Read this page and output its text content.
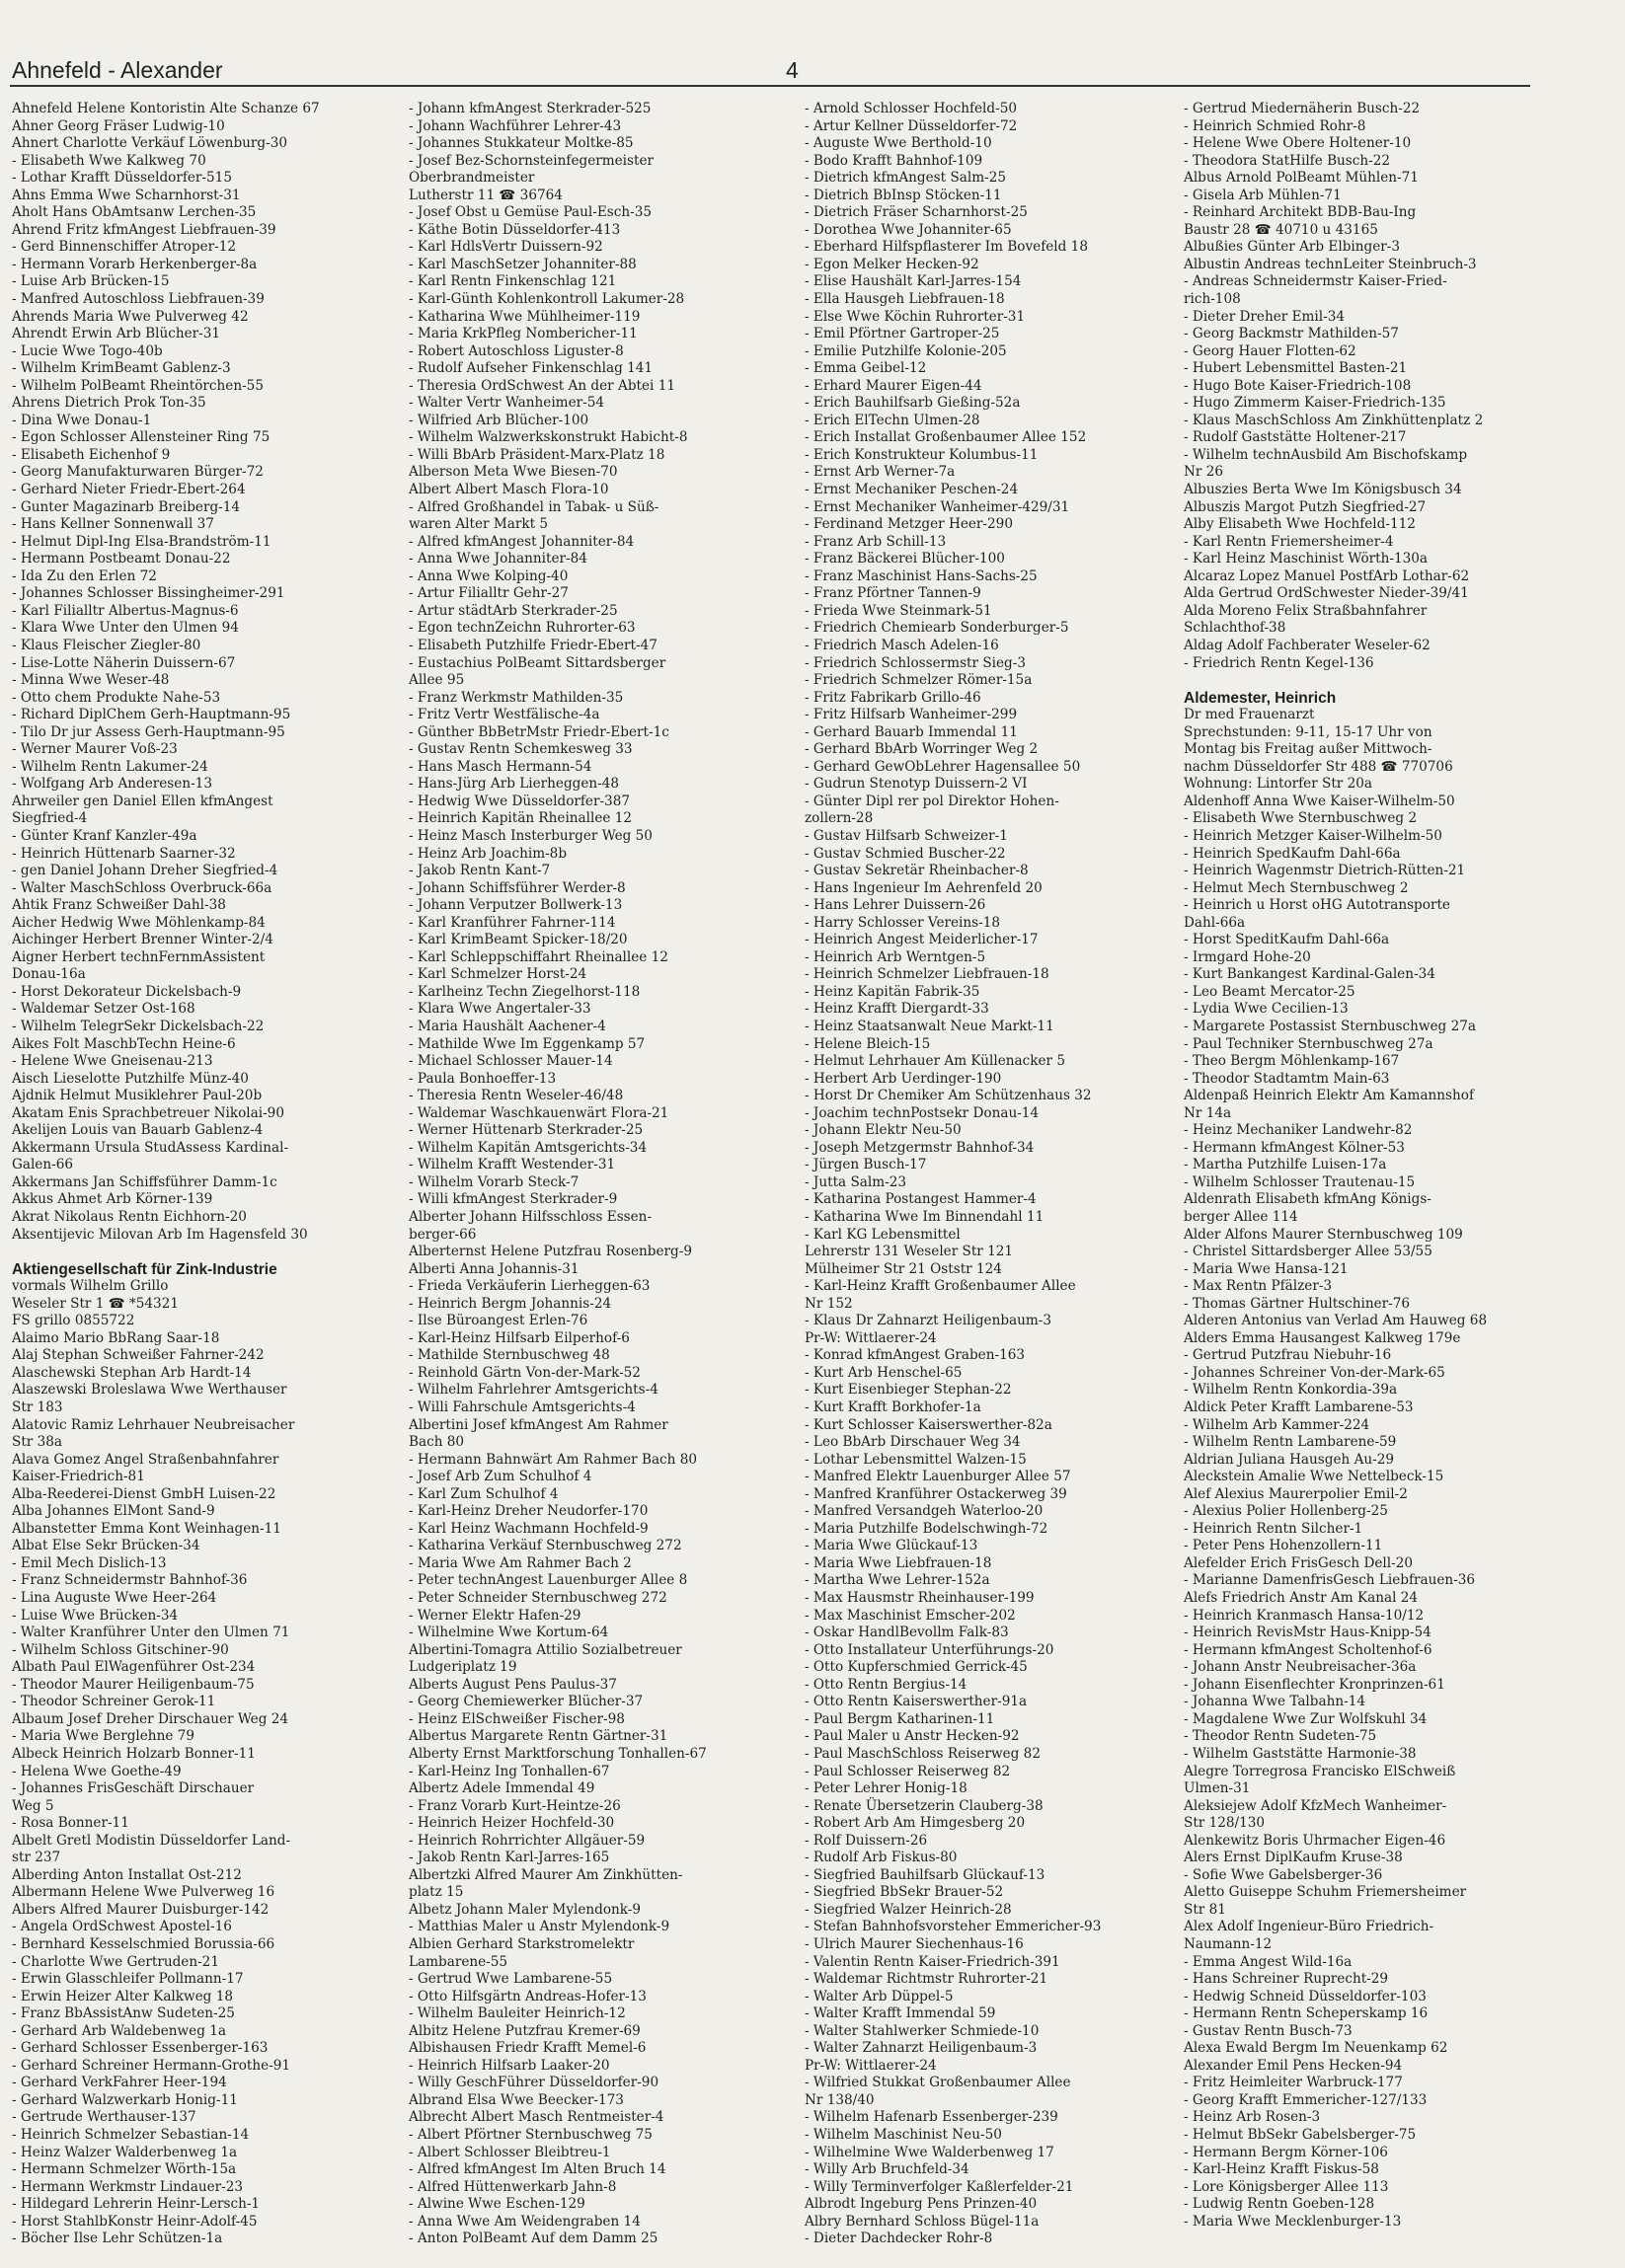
Ahnefeld - Alexander	4
Ahnefeld Helene Kontoristin Alte Schanze 67
Ahner Georg Fräser Ludwig-10
Ahnert Charlotte Verkäuf Löwenburg-30
- Elisabeth Wwe Kalkweg 70
- Lothar Krafft Düsseldorfer-515
Ahns Emma Wwe Scharnhorst-31
Aholt Hans ObAmtsanw Lerchen-35
Ahrend Fritz kfmAngest Liebfrauen-39
- Gerd Binnenschiffer Atroper-12
- Hermann Vorarb Herkenberger-8a
- Luise Arb Brücken-15
- Manfred Autoschloss Liebfrauen-39
Ahrends Maria Wwe Pulverweg 42
Ahrendt Erwin Arb Blücher-31
- Lucie Wwe Togo-40b
- Wilhelm KrimBeamt Gablenz-3
- Wilhelm PolBeamt Rheintörchen-55
Ahrens Dietrich Prok Ton-35
- Dina Wwe Donau-1
- Egon Schlosser Allensteiner Ring 75
- Elisabeth Eichenhof 9
- Georg Manufakturwaren Bürger-72
- Gerhard Nieter Friedr-Ebert-264
- Gunter Magazinarb Breiberg-14
- Hans Kellner Sonnenwall 37
- Helmut Dipl-Ing Elsa-Brandström-11
- Hermann Postbeamt Donau-22
- Ida Zu den Erlen 72
- Johannes Schlosser Bissingheimer-291
- Karl Filialltr Albertus-Magnus-6
- Klara Wwe Unter den Ulmen 94
- Klaus Fleischer Ziegler-80
- Lise-Lotte Näherin Duissern-67
- Minna Wwe Weser-48
- Otto chem Produkte Nahe-53
- Richard DiplChem Gerh-Hauptmann-95
- Tilo Dr jur Assess Gerh-Hauptmann-95
- Werner Maurer Voß-23
- Wilhelm Rentn Lakumer-24
- Wolfgang Arb Anderesen-13
Ahrweiler gen Daniel Ellen kfmAngest
Siegfried-4
- Günter Kranf Kanzler-49a
- Heinrich Hüttenarb Saarner-32
- gen Daniel Johann Dreher Siegfried-4
- Walter MaschSchloss Overbruck-66a
Ahtik Franz Schweißer Dahl-38
Aicher Hedwig Wwe Möhlenkamp-84
Aichinger Herbert Brenner Winter-2/4
Aigner Herbert technFernmAssistent
Donau-16a
- Horst Dekorateur Dickelsbach-9
- Waldemar Setzer Ost-168
- Wilhelm TelegrSekr Dickelsbach-22
Aikes Folt MaschbTechn Heine-6
- Helene Wwe Gneisenau-213
Aisch Lieselotte Putzhilfe Münz-40
Ajdnik Helmut Musiklehrer Paul-20b
Akatam Enis Sprachbetreuer Nikolai-90
Akelijen Louis van Bauarb Gablenz-4
Akkermann Ursula StudAssess Kardinal-
Galen-66
Akkermans Jan Schiffsführer Damm-1c
Akkus Ahmet Arb Körner-139
Akrat Nikolaus Rentn Eichhorn-20
Aksentijevic Milovan Arb Im Hagensfeld 30

Aktiengesellschaft für Zink-Industrie
vormals Wilhelm Grillo
Weseler Str 1 ☎ *54321
FS grillo 0855722
Alaimo Mario BbRang Saar-18
Alaj Stephan Schweißer Fahrner-242
Alaschewski Stephan Arb Hardt-14
Alaszewski Broleslawa Wwe Werthauser
Str 183
Alatovic Ramiz Lehrhauer Neubreisacher
Str 38a
Alava Gomez Angel Straßenbahnfahrer
Kaiser-Friedrich-81
Alba-Reederei-Dienst GmbH Luisen-22
Alba Johannes ElMont Sand-9
Albanstetter Emma Kont Weinhagen-11
Albat Else Sekr Brücken-34
- Emil Mech Dislich-13
- Franz Schneidermstr Bahnhof-36
- Lina Auguste Wwe Heer-264
- Luise Wwe Brücken-34
- Walter Kranführer Unter den Ulmen 71
- Wilhelm Schloss Gitschiner-90
Albath Paul ElWagenführer Ost-234
- Theodor Maurer Heiligenbaum-75
- Theodor Schreiner Gerok-11
Albaum Josef Dreher Dirschauer Weg 24
- Maria Wwe Berglehne 79
Albeck Heinrich Holzarb Bonner-11
- Helena Wwe Goethe-49
- Johannes FrisGeschäft Dirschauer
Weg 5
- Rosa Bonner-11
Albelt Gretl Modistin Düsseldorfer Land-
str 237
Alberding Anton Installat Ost-212
Albermann Helene Wwe Pulverweg 16
Albers Alfred Maurer Duisburger-142
- Angela OrdSchwest Apostel-16
- Bernhard Kesselschmied Borussia-66
- Charlotte Wwe Gertruden-21
- Erwin Glasschleifer Pollmann-17
- Erwin Heizer Alter Kalkweg 18
- Franz BbAssistAnw Sudeten-25
- Gerhard Arb Waldebenweg 1a
- Gerhard Schlosser Essenberger-163
- Gerhard Schreiner Hermann-Grothe-91
- Gerhard VerkFahrer Heer-194
- Gerhard Walzwerkarb Honig-11
- Gertrude Werthauser-137
- Heinrich Schmelzer Sebastian-14
- Heinz Walzer Walderbenweg 1a
- Hermann Schmelzer Wörth-15a
- Hermann Werkmstr Lindauer-23
- Hildegard Lehrerin Heinr-Lersch-1
- Horst StahlbKonstr Heinr-Adolf-45
- Böcher Ilse Lehr Schützen-1a
- Johann kfmAngest Sterkrader-525
- Johann Wachführer Lehrer-43
- Johannes Stukkateur Moltke-85
- Josef Bez-Schornsteinfegermeister
Oberbrandmeister
Lutherstr 11 ☎ 36764
- Josef Obst u Gemüse Paul-Esch-35
- Käthe Botin Düsseldorfer-413
- Karl HdlsVertr Duissern-92
- Karl MaschSetzer Johanniter-88
- Karl Rentn Finkenschlag 121
- Karl-Günth Kohlenkontroll Lakumer-28
- Katharina Wwe Mühlheimer-119
- Maria KrkPfleg Nombericher-11
- Robert Autoschloss Liguster-8
- Rudolf Aufseher Finkenschlag 141
- Theresia OrdSchwest An der Abtei 11
- Walter Vertr Wanheimer-54
- Wilfried Arb Blücher-100
- Wilhelm Walzwerkskonstrukt Habicht-8
- Willi BbArb Präsident-Marx-Platz 18
Alberson Meta Wwe Biesen-70
Albert Albert Masch Flora-10
- Alfred Großhandel in Tabak- u Süß-
waren Alter Markt 5
- Alfred kfmAngest Johanniter-84
- Anna Wwe Johanniter-84
- Anna Wwe Kolping-40
- Artur Filialltr Gehr-27
- Artur städtArb Sterkrader-25
- Egon technZeichn Ruhrorter-63
- Elisabeth Putzhilfe Friedr-Ebert-47
- Eustachius PolBeamt Sittardsberger
Allee 95
- Franz Werkmstr Mathilden-35
- Fritz Vertr Westfälische-4a
- Günther BbBetrMstr Friedr-Ebert-1c
- Gustav Rentn Schemkesweg 33
- Hans Masch Hermann-54
- Hans-Jürg Arb Lierheggen-48
- Hedwig Wwe Düsseldorfer-387
- Heinrich Kapitän Rheinallee 12
- Heinz Masch Insterburger Weg 50
- Heinz Arb Joachim-8b
- Jakob Rentn Kant-7
- Johann Schiffsführer Werder-8
- Johann Verputzer Bollwerk-13
- Karl Kranführer Fahrner-114
- Karl KrimBeamt Spicker-18/20
- Karl Schleppschiffahrt Rheinallee 12
- Karl Schmelzer Horst-24
- Karlheinz Techn Ziegelhorst-118
- Klara Wwe Angertaler-33
- Maria Haushält Aachener-4
- Mathilde Wwe Im Eggenkamp 57
- Michael Schlosser Mauer-14
- Paula Bonhoeffer-13
- Theresia Rentn Weseler-46/48
- Waldemar Waschkauenwärt Flora-21
- Werner Hüttenarb Sterkrader-25
- Wilhelm Kapitän Amtsgerichts-34
- Wilhelm Krafft Westender-31
- Wilhelm Vorarb Steck-7
- Willi kfmAngest Sterkrader-9
Alberter Johann Hilfsschloss Essen-
berger-66
Alberternst Helene Putzfrau Rosenberg-9
Alberti Anna Johannis-31
- Frieda Verkäuferin Lierheggen-63
- Heinrich Bergm Johannis-24
- Ilse Büroangest Erlen-76
- Karl-Heinz Hilfsarb Eilperhof-6
- Mathilde Sternbuschweg 48
- Reinhold Gärtn Von-der-Mark-52
- Wilhelm Fahrlehrer Amtsgerichts-4
- Willi Fahrschule Amtsgerichts-4
Albertini Josef kfmAngest Am Rahmer
Bach 80
- Hermann Bahnwärt Am Rahmer Bach 80
- Josef Arb Zum Schulhof 4
- Karl Zum Schulhof 4
- Karl-Heinz Dreher Neudorfer-170
- Karl Heinz Wachmann Hochfeld-9
- Katharina Verkäuf Sternbuschweg 272
- Maria Wwe Am Rahmer Bach 2
- Peter technAngest Lauenburger Allee 8
- Peter Schneider Sternbuschweg 272
- Werner Elektr Hafen-29
- Wilhelmine Wwe Kortum-64
Albertini-Tomagra Attilio Sozialbetreuer
Ludgeriplatz 19
Alberts August Pens Paulus-37
- Georg Chemiewerker Blücher-37
- Heinz ElSchweißer Fischer-98
Albertus Margarete Rentn Gärtner-31
Alberty Ernst Marktforschung Tonhallen-67
- Karl-Heinz Ing Tonhallen-67
Albertz Adele Immendal 49
- Franz Vorarb Kurt-Heintze-26
- Heinrich Heizer Hochfeld-30
- Heinrich Rohrrichter Allgäuer-59
- Jakob Rentn Karl-Jarres-165
Albertzki Alfred Maurer Am Zinkhütten-
platz 15
Albetz Johann Maler Mylendonk-9
- Matthias Maler u Anstr Mylendonk-9
Albien Gerhard Starkstromelektr
Lambarene-55
- Gertrud Wwe Lambarene-55
- Otto Hilfsgärtn Andreas-Hofer-13
- Wilhelm Bauleiter Heinrich-12
Albitz Helene Putzfrau Kremer-69
Albishausen Friedr Krafft Memel-6
- Heinrich Hilfsarb Laaker-20
- Willy GeschFührer Düsseldorfer-90
Albrand Elsa Wwe Beecker-173
Albrecht Albert Masch Rentmeister-4
- Albert Pförtner Sternbuschweg 75
- Albert Schlosser Bleibtreu-1
- Alfred kfmAngest Im Alten Bruch 14
- Alfred Hüttenwerkarb Jahn-8
- Alwine Wwe Eschen-129
- Anna Wwe Am Weidengraben 14
- Anton PolBeamt Auf dem Damm 25
- Arnold Schlosser Hochfeld-50
- Artur Kellner Düsseldorfer-72
- Auguste Wwe Berthold-10
- Bodo Krafft Bahnhof-109
- Dietrich kfmAngest Salm-25
- Dietrich BbInsp Stöcken-11
- Dietrich Fräser Scharnhorst-25
- Dorothea Wwe Johanniter-65
- Eberhard Hilfspflasterer Im Bovefeld 18
- Egon Melker Hecken-92
- Elise Haushält Karl-Jarres-154
- Ella Hausgeh Liebfrauen-18
- Else Wwe Köchin Ruhrorter-31
- Emil Pförtner Gartroper-25
- Emilie Putzhilfe Kolonie-205
- Emma Geibel-12
- Erhard Maurer Eigen-44
- Erich Bauhilfsarb Gießing-52a
- Erich ElTechn Ulmen-28
- Erich Installat Großenbaumer Allee 152
- Erich Konstrukteur Kolumbus-11
- Ernst Arb Werner-7a
- Ernst Mechaniker Peschen-24
- Ernst Mechaniker Wanheimer-429/31
- Ferdinand Metzger Heer-290
- Franz Arb Schill-13
- Franz Bäckerei Blücher-100
- Franz Maschinist Hans-Sachs-25
- Franz Pförtner Tannen-9
- Frieda Wwe Steinmark-51
- Friedrich Chemiearb Sonderburger-5
- Friedrich Masch Adelen-16
- Friedrich Schlossermstr Sieg-3
- Friedrich Schmelzer Römer-15a
- Fritz Fabrikarb Grillo-46
- Fritz Hilfsarb Wanheimer-299
- Gerhard Bauarb Immendal 11
- Gerhard BbArb Worringer Weg 2
- Gerhard GewObLehrer Hagensallee 50
- Gudrun Stenotyp Duissern-2 VI
- Günter Dipl rer pol Direktor Hohen-
zollern-28
- Gustav Hilfsarb Schweizer-1
- Gustav Schmied Buscher-22
- Gustav Sekretär Rheinbacher-8
- Hans Ingenieur Im Aehrenfeld 20
- Hans Lehrer Duissern-26
- Harry Schlosser Vereins-18
- Heinrich Angest Meiderlicher-17
- Heinrich Arb Werntgen-5
- Heinrich Schmelzer Liebfrauen-18
- Heinz Kapitän Fabrik-35
- Heinz Krafft Diergardt-33
- Heinz Staatsanwalt Neue Markt-11
- Helene Bleich-15
- Helmut Lehrhauer Am Küllenacker 5
- Herbert Arb Uerdinger-190
- Horst Dr Chemiker Am Schützenhaus 32
- Joachim technPostsekr Donau-14
- Johann Elektr Neu-50
- Joseph Metzgermstr Bahnhof-34
- Jürgen Busch-17
- Jutta Salm-23
- Katharina Postangest Hammer-4
- Katharina Wwe Im Binnendahl 11
- Karl KG Lebensmittel
Lehrerstr 131 Weseler Str 121
Mülheimer Str 21 Oststr 124
- Karl-Heinz Krafft Großenbaumer Allee
Nr 152
- Klaus Dr Zahnarzt Heiligenbaum-3
Pr-W: Wittlaerer-24
- Konrad kfmAngest Graben-163
- Kurt Arb Henschel-65
- Kurt Eisenbieger Stephan-22
- Kurt Krafft Borkhofer-1a
- Kurt Schlosser Kaiserswerther-82a
- Leo BbArb Dirschauer Weg 34
- Lothar Lebensmittel Walzen-15
- Manfred Elektr Lauenburger Allee 57
- Manfred Kranführer Ostackerweg 39
- Manfred Versandgeh Waterloo-20
- Maria Putzhilfe Bodelschwingh-72
- Maria Wwe Glückauf-13
- Maria Wwe Liebfrauen-18
- Martha Wwe Lehrer-152a
- Max Hausmstr Rheinhauser-199
- Max Maschinist Emscher-202
- Oskar HandlBevollm Falk-83
- Otto Installateur Unterführungs-20
- Otto Kupferschmied Gerrick-45
- Otto Rentn Bergius-14
- Otto Rentn Kaiserswerther-91a
- Paul Bergm Katharinen-11
- Paul Maler u Anstr Hecken-92
- Paul MaschSchloss Reiserweg 82
- Paul Schlosser Reiserweg 82
- Peter Lehrer Honig-18
- Renate Übersetzerin Clauberg-38
- Robert Arb Am Himgesberg 20
- Rolf Duissern-26
- Rudolf Arb Fiskus-80
- Siegfried Bauhilfsarb Glückauf-13
- Siegfried BbSekr Brauer-52
- Siegfried Walzer Heinrich-28
- Stefan Bahnhofsvorsteher Emmericher-93
- Ulrich Maurer Siechenhaus-16
- Valentin Rentn Kaiser-Friedrich-391
- Waldemar Richtmstr Ruhrorter-21
- Walter Arb Düppel-5
- Walter Krafft Immendal 59
- Walter Stahlwerker Schmiede-10
- Walter Zahnarzt Heiligenbaum-3
Pr-W: Wittlaerer-24
- Wilfried Stukkat Großenbaumer Allee
Nr 138/40
- Wilhelm Hafenarb Essenberger-239
- Wilhelm Maschinist Neu-50
- Wilhelmine Wwe Walderbenweg 17
- Willy Arb Bruchfeld-34
- Willy Terminverfolger Kaßlerfelder-21
Albrodt Ingeburg Pens Prinzen-40
Albry Bernhard Schloss Bügel-11a
- Dieter Dachdecker Rohr-8
- Gertrud Miedernäherin Busch-22
- Heinrich Schmied Rohr-8
- Helene Wwe Obere Holtener-10
- Theodora StatHilfe Busch-22
Albus Arnold PolBeamt Mühlen-71
- Gisela Arb Mühlen-71
- Reinhard Architekt BDB-Bau-Ing
Baustr 28 ☎ 40710 u 43165
Albußies Günter Arb Elbinger-3
Albustin Andreas technLeiter Steinbruch-3
- Andreas Schneidermstr Kaiser-Fried-
rich-108
- Dieter Dreher Emil-34
- Georg Backmstr Mathilden-57
- Georg Hauer Flotten-62
- Hubert Lebensmittel Basten-21
- Hugo Bote Kaiser-Friedrich-108
- Hugo Zimmerm Kaiser-Friedrich-135
- Klaus MaschSchloss Am Zinkhüttenplatz 2
- Rudolf Gaststätte Holtener-217
- Wilhelm technAusbild Am Bischofskamp
Nr 26
Albuszies Berta Wwe Im Königsbusch 34
Albuszis Margot Putzh Siegfried-27
Alby Elisabeth Wwe Hochfeld-112
- Karl Rentn Friemersheimer-4
- Karl Heinz Maschinist Wörth-130a
Alcaraz Lopez Manuel PostfArb Lothar-62
Alda Gertrud OrdSchwester Nieder-39/41
Alda Moreno Felix Straßbahnfahrer
Schlachthof-38
Aldag Adolf Fachberater Weseler-62
- Friedrich Rentn Kegel-136

Aldemester, Heinrich
Dr med Frauenarzt
Sprechstunden: 9-11, 15-17 Uhr von
Montag bis Freitag außer Mittwoch-
nachm Düsseldorfer Str 488 ☎ 770706
Wohnung: Lintorfer Str 20a
Aldenhoff Anna Wwe Kaiser-Wilhelm-50
- Elisabeth Wwe Sternbuschweg 2
- Heinrich Metzger Kaiser-Wilhelm-50
- Heinrich SpedKaufm Dahl-66a
- Heinrich Wagenmstr Dietrich-Rütten-21
- Helmut Mech Sternbuschweg 2
- Heinrich u Horst oHG Autotransporte
Dahl-66a
- Horst SpeditKaufm Dahl-66a
- Irmgard Hohe-20
- Kurt Bankangest Kardinal-Galen-34
- Leo Beamt Mercator-25
- Lydia Wwe Cecilien-13
- Margarete Postassist Sternbuschweg 27a
- Paul Techniker Sternbuschweg 27a
- Theo Bergm Möhlenkamp-167
- Theodor Stadtamtm Main-63
Aldenpaß Heinrich Elektr Am Kamannshof
Nr 14a
- Heinz Mechaniker Landwehr-82
- Hermann kfmAngest Kölner-53
- Martha Putzhilfe Luisen-17a
- Wilhelm Schlosser Trautenau-15
Aldenrath Elisabeth kfmAng Königs-
berger Allee 114
Alder Alfons Maurer Sternbuschweg 109
- Christel Sittardsberger Allee 53/55
- Maria Wwe Hansa-121
- Max Rentn Pfälzer-3
- Thomas Gärtner Hultschiner-76
Alderen Antonius van Verlad Am Hauweg 68
Alders Emma Hausangest Kalkweg 179e
- Gertrud Putzfrau Niebuhr-16
- Johannes Schreiner Von-der-Mark-65
- Wilhelm Rentn Konkordia-39a
Aldick Peter Krafft Lambarene-53
- Wilhelm Arb Kammer-224
- Wilhelm Rentn Lambarene-59
Aldrian Juliana Hausgeh Au-29
Aleckstein Amalie Wwe Nettelbeck-15
Alef Alexius Maurerpolier Emil-2
- Alexius Polier Hollenberg-25
- Heinrich Rentn Silcher-1
- Peter Pens Hohenzollern-11
Alefelder Erich FrisGesch Dell-20
- Marianne DamenfrisGesch Liebfrauen-36
Alefs Friedrich Anstr Am Kanal 24
- Heinrich Kranmasch Hansa-10/12
- Heinrich RevisMstr Haus-Knipp-54
- Hermann kfmAngest Scholtenhof-6
- Johann Anstr Neubreisacher-36a
- Johann Eisenflechter Kronprinzen-61
- Johanna Wwe Talbahn-14
- Magdalene Wwe Zur Wolfskuhl 34
- Theodor Rentn Sudeten-75
- Wilhelm Gaststätte Harmonie-38
Alegre Torregrosa Francisko ElSchweiß
Ulmen-31
Aleksiejew Adolf KfzMech Wanheimer-
Str 128/130
Alenkewitz Boris Uhrmacher Eigen-46
Alers Ernst DiplKaufm Kruse-38
- Sofie Wwe Gabelsberger-36
Aletto Guiseppe Schuhm Friemersheimer
Str 81
Alex Adolf Ingenieur-Büro Friedrich-
Naumann-12
- Emma Angest Wild-16a
- Hans Schreiner Ruprecht-29
- Hedwig Schneid Düsseldorfer-103
- Hermann Rentn Scheperskamp 16
- Gustav Rentn Busch-73
Alexa Ewald Bergm Im Neuenkamp 62
Alexander Emil Pens Hecken-94
- Fritz Heimleiter Warbruck-177
- Georg Krafft Emmericher-127/133
- Heinz Arb Rosen-3
- Helmut BbSekr Gabelsberger-75
- Hermann Bergm Körner-106
- Karl-Heinz Krafft Fiskus-58
- Lore Königsberger Allee 113
- Ludwig Rentn Goeben-128
- Maria Wwe Mecklenburger-13
